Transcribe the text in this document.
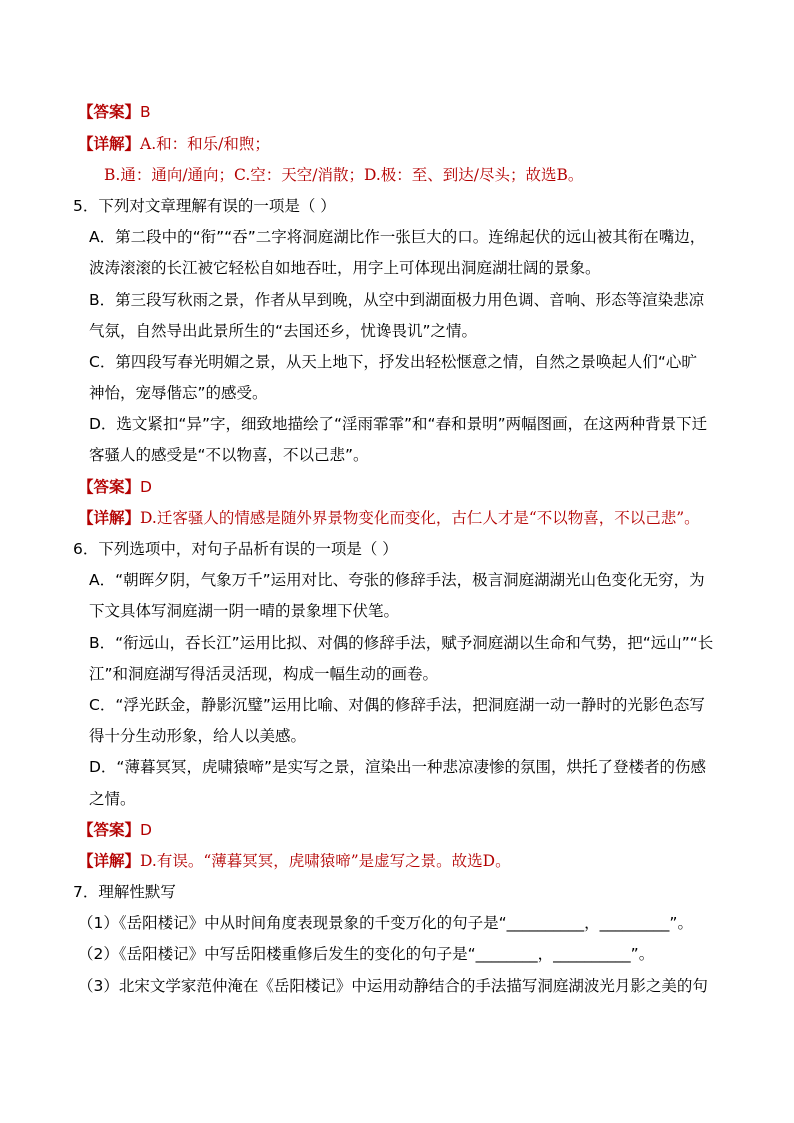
【答案】B
【详解】A.和：和乐/和煦；
B.通：通向/通向；C.空：天空/消散；D.极：至、到达/尽头；故选B。
5．下列对文章理解有误的一项是（ ）
A．第二段中的“衔”“吞”二字将洞庭湖比作一张巨大的口。连绵起伏的远山被其衔在嘴边，
波涛滚滚的长江被它轻松自如地吞吐，用字上可体现出洞庭湖壮阔的景象。
B．第三段写秋雨之景，作者从早到晚，从空中到湖面极力用色调、音响、形态等渲染悲凉
气氛，自然导出此景所生的“去国还乡，忧谗畏讥”之情。
C．第四段写春光明媚之景，从天上地下，抒发出轻松惬意之情，自然之景唤起人们“心旷
神怡，宠辱偕忘”的感受。
D．选文紧扣“异”字，细致地描绘了“淫雨霏霏”和“春和景明”两幅图画，在这两种背景下迁
客骚人的感受是“不以物喜，不以己悲”。
【答案】D
【详解】D.迁客骚人的情感是随外界景物变化而变化，古仁人才是“不以物喜，不以己悲”。
6．下列选项中，对句子品析有误的一项是（ ）
A．“朝晖夕阴，气象万千”运用对比、夸张的修辞手法，极言洞庭湖湖光山色变化无穷，为
下文具体写洞庭湖一阴一晴的景象埋下伏笔。
B．“衔远山，吞长江”运用比拟、对偶的修辞手法，赋予洞庭湖以生命和气势，把“远山”“长
江”和洞庭湖写得活灵活现，构成一幅生动的画卷。
C．“浮光跃金，静影沉璧”运用比喻、对偶的修辞手法，把洞庭湖一动一静时的光影色态写
得十分生动形象，给人以美感。
D．“薄暮冥冥，虎啸猿啼”是实写之景，渲染出一种悲凉凄惨的氛围，烘托了登楼者的伤感
之情。
【答案】D
【详解】D.有误。“薄暮冥冥，虎啸猿啼”是虚写之景。故选D。
7．理解性默写
（1）《岳阳楼记》中从时间角度表现景象的千变万化的句子是“__________，_________”。
（2）《岳阳楼记》中写岳阳楼重修后发生的变化的句子是“________，__________”。
（3）北宋文学家范仲淹在《岳阳楼记》中运用动静结合的手法描写洞庭湖波光月影之美的句
